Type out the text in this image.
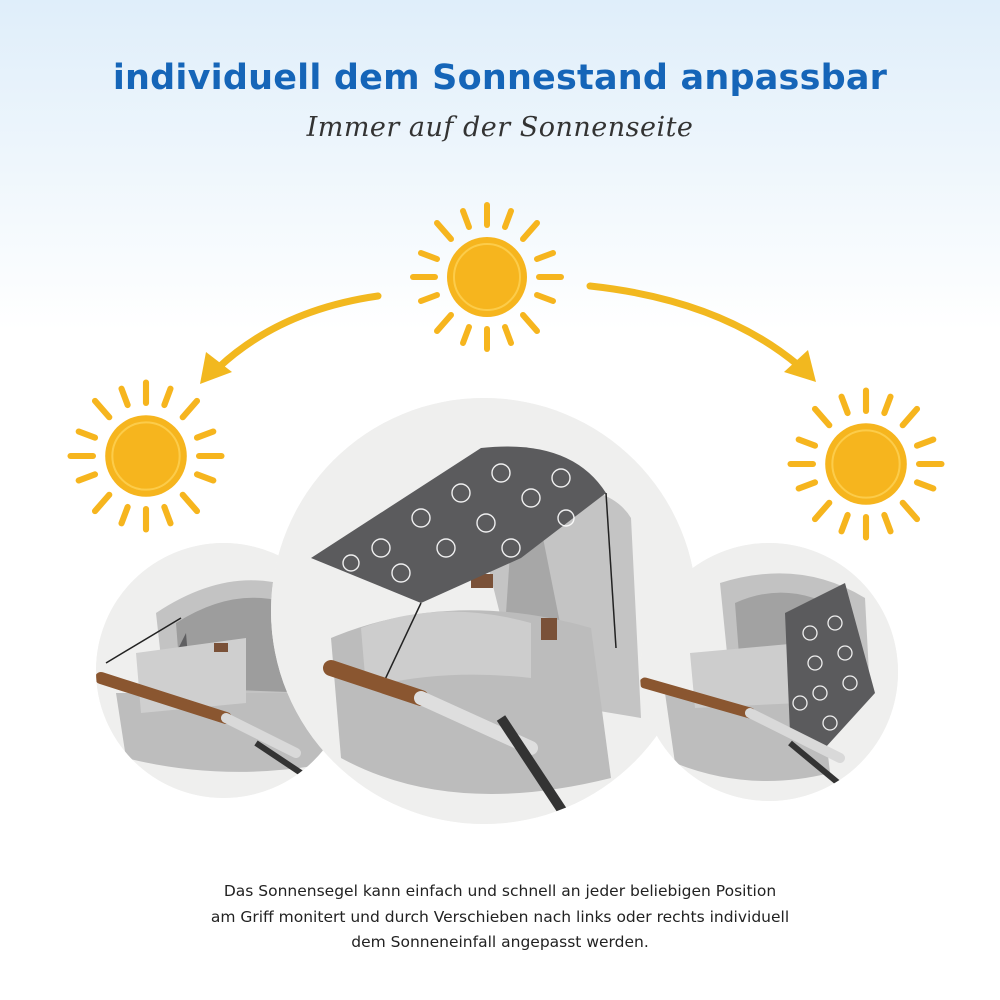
individuell dem Sonnestand anpassbar
Immer auf der Sonnenseite
Das Sonnensegel kann einfach und schnell an jeder beliebigen Position
am Griff monitert und durch Verschieben nach links oder rechts individuell
dem Sonneneinfall angepasst werden.
